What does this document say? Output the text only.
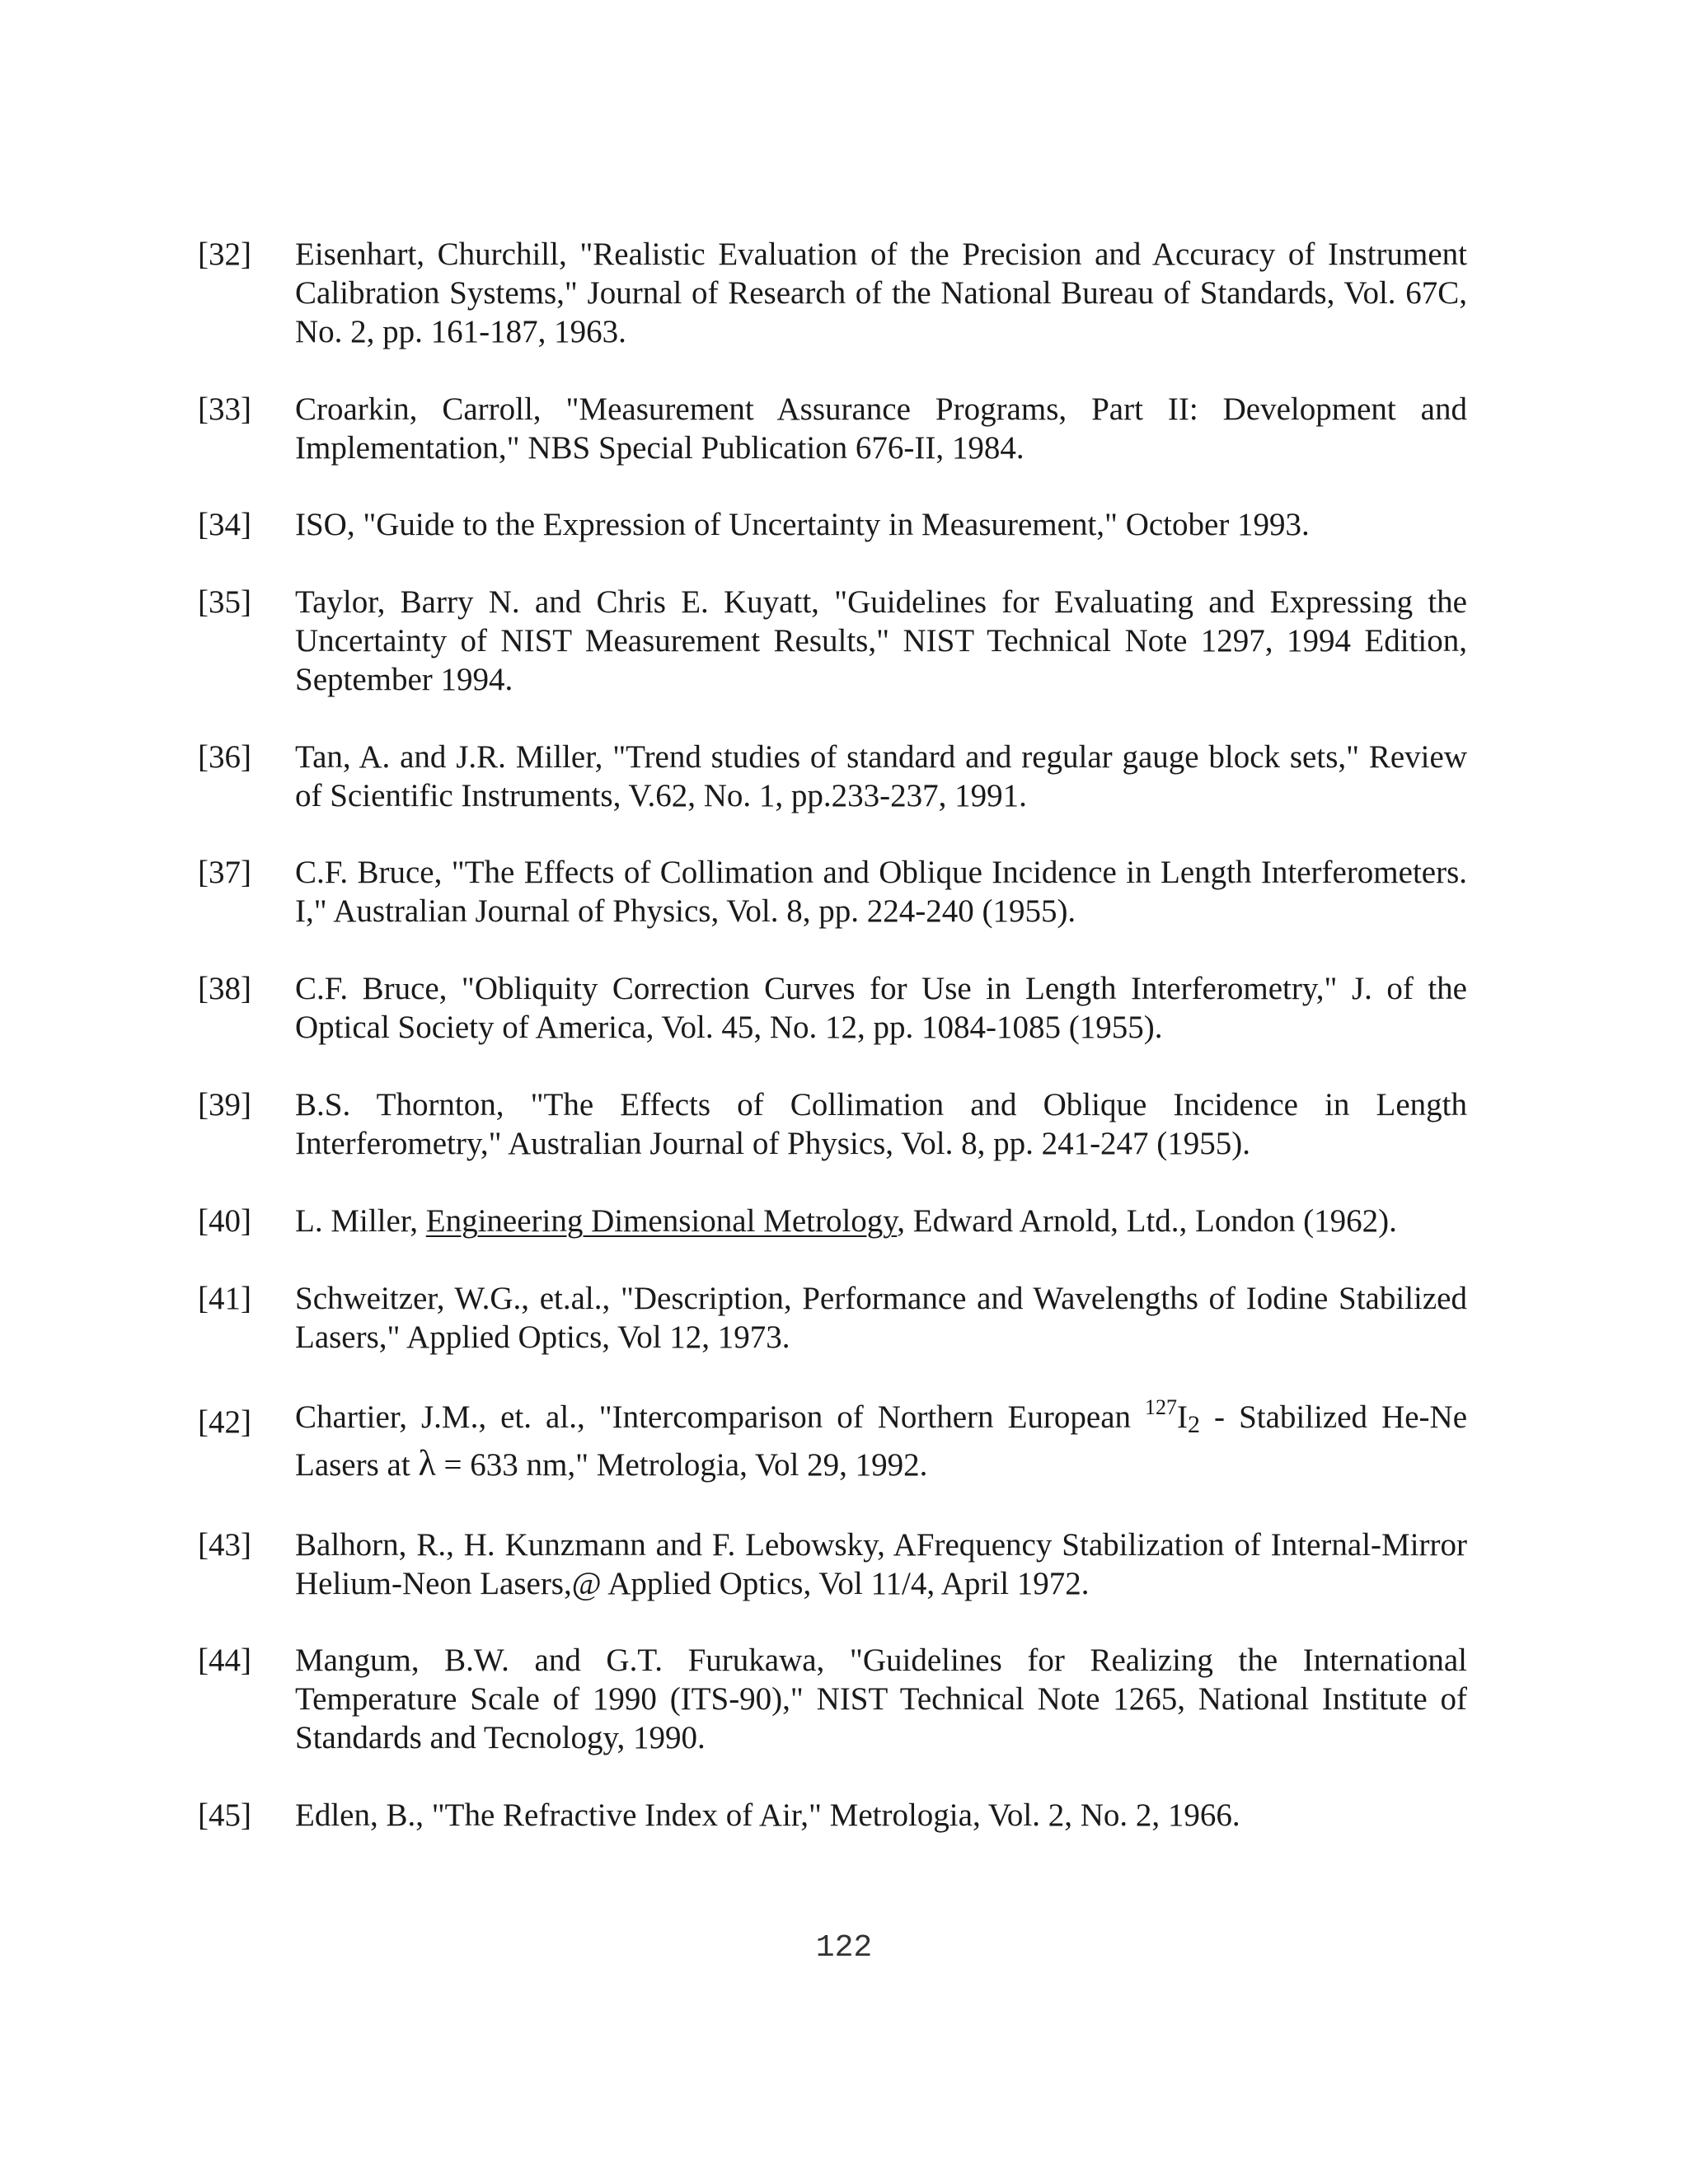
[32] Eisenhart, Churchill, "Realistic Evaluation of the Precision and Accuracy of Instrument Calibration Systems," Journal of Research of the National Bureau of Standards, Vol. 67C, No. 2, pp. 161-187, 1963.
[33] Croarkin, Carroll, "Measurement Assurance Programs, Part II: Development and Implementation," NBS Special Publication 676-II, 1984.
[34] ISO, "Guide to the Expression of Uncertainty in Measurement," October 1993.
[35] Taylor, Barry N. and Chris E. Kuyatt, "Guidelines for Evaluating and Expressing the Uncertainty of NIST Measurement Results," NIST Technical Note 1297, 1994 Edition, September 1994.
[36] Tan, A. and J.R. Miller, "Trend studies of standard and regular gauge block sets," Review of Scientific Instruments, V.62, No. 1, pp.233-237, 1991.
[37] C.F. Bruce, "The Effects of Collimation and Oblique Incidence in Length Interferometers. I," Australian Journal of Physics, Vol. 8, pp. 224-240 (1955).
[38] C.F. Bruce, "Obliquity Correction Curves for Use in Length Interferometry," J. of the Optical Society of America, Vol. 45, No. 12, pp. 1084-1085 (1955).
[39] B.S. Thornton, "The Effects of Collimation and Oblique Incidence in Length Interferometry," Australian Journal of Physics, Vol. 8, pp. 241-247 (1955).
[40] L. Miller, Engineering Dimensional Metrology, Edward Arnold, Ltd., London (1962).
[41] Schweitzer, W.G., et.al., "Description, Performance and Wavelengths of Iodine Stabilized Lasers," Applied Optics, Vol 12, 1973.
[42] Chartier, J.M., et. al., "Intercomparison of Northern European $^{127}I_2$ - Stabilized He-Ne Lasers at λ = 633 nm," Metrologia, Vol 29, 1992.
[43] Balhorn, R., H. Kunzmann and F. Lebowsky, AFrequency Stabilization of Internal-Mirror Helium-Neon Lasers,@ Applied Optics, Vol 11/4, April 1972.
[44] Mangum, B.W. and G.T. Furukawa, "Guidelines for Realizing the International Temperature Scale of 1990 (ITS-90)," NIST Technical Note 1265, National Institute of Standards and Tecnology, 1990.
[45] Edlen, B., "The Refractive Index of Air," Metrologia, Vol. 2, No. 2, 1966.
122
